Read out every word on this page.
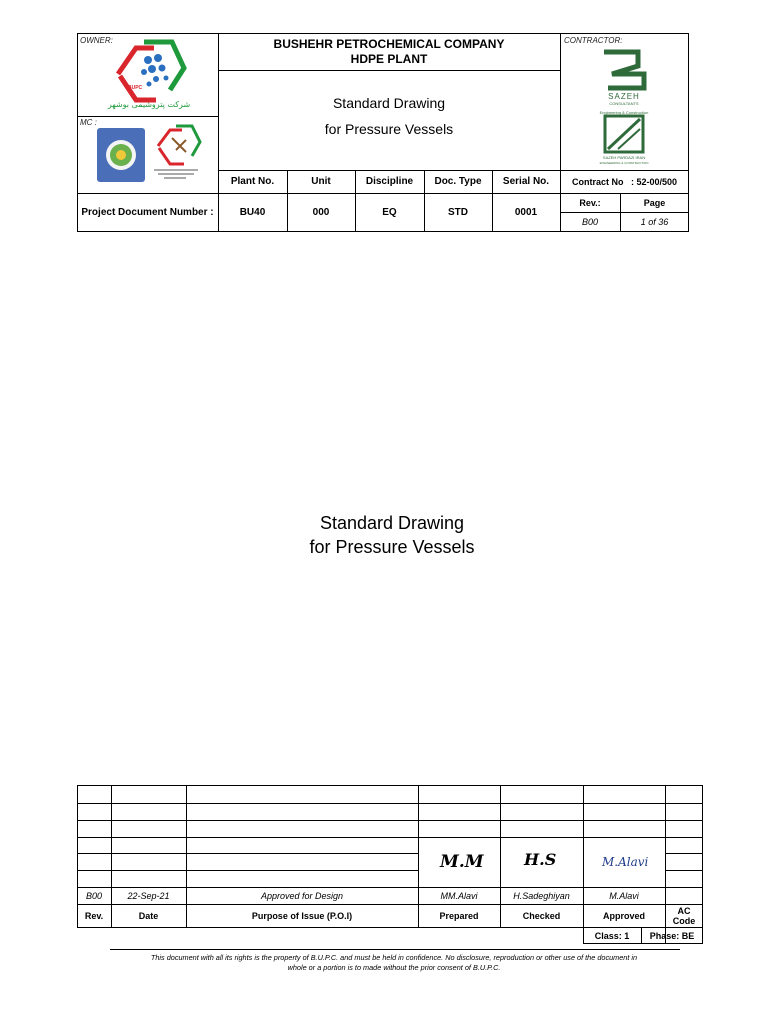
OWNER:
MC :
CONTRACTOR:
BUPC
شرکت پتروشیمی بوشهر
BUSHEHR PETROCHEMICAL COMPANY
HDPE PLANT
Standard Drawing
for Pressure Vessels
SAZEH
CONSULTANTS
Engineering & Construction
SAZEH PARDAZI IRAN
ENGINEERING & CONSTRUCTION
Plant No.	Unit	Discipline	Doc. Type	Serial No.	Contract No
: 52-00/500
Project Document Number :	BU40	000	EQ	STD	0001
Rev.:	Page
B00	1 of 36
Standard Drawing
for Pressure Vessels
M.M	H.S	M.Alavi
B00	22-Sep-21	Approved for Design	MM.Alavi	H.Sadeghiyan	M.Alavi
Rev.	Date	Purpose of Issue (P.O.I)	Prepared	Checked	Approved	AC Code
Class: 1	Phase: BE
This document with all its rights is the property of B.U.P.C. and must be held in confidence. No disclosure, reproduction or other use of the document in
whole or a portion is to made without the prior consent of B.U.P.C.
